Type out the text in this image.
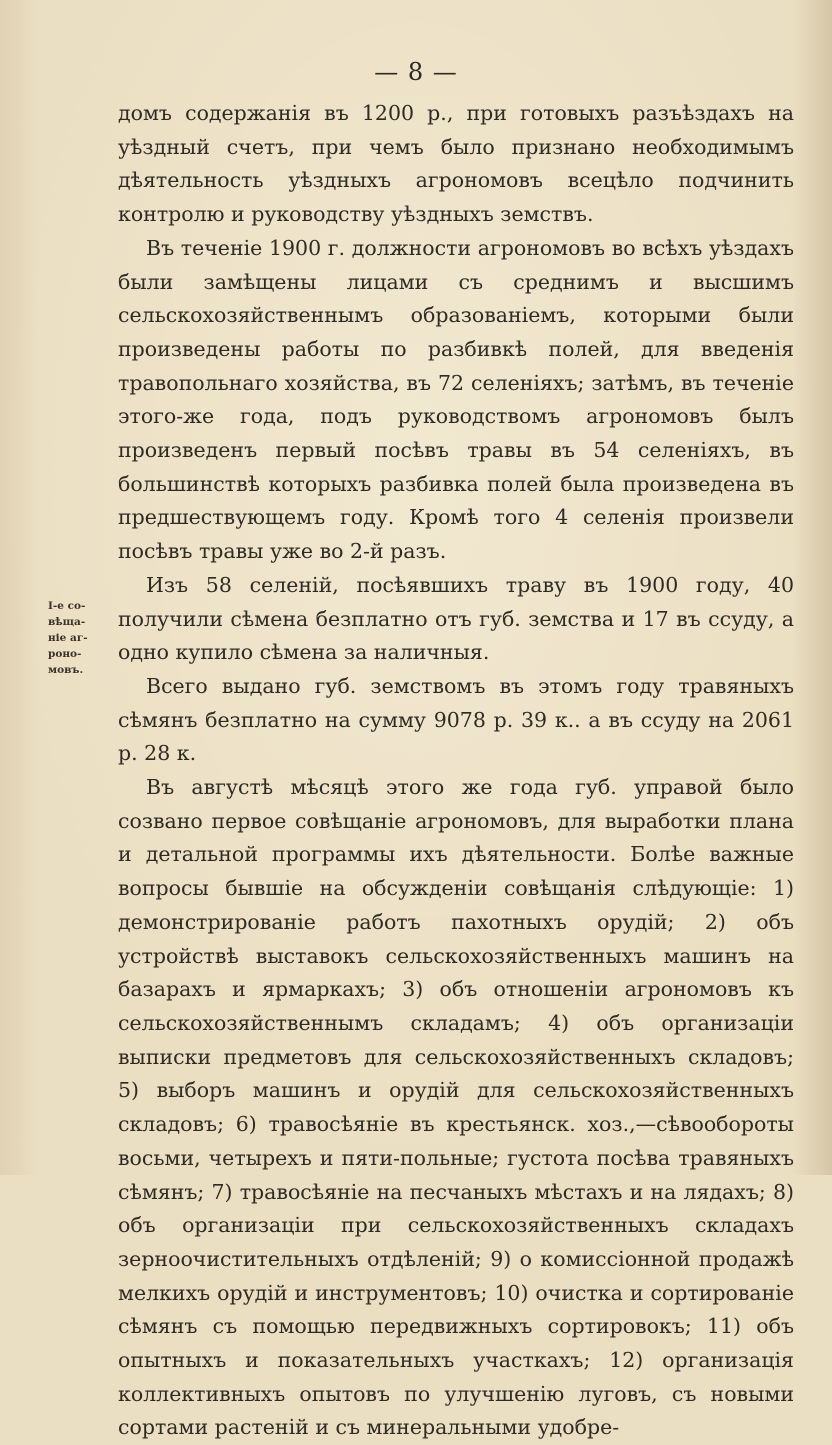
— 8 —
I-е со-
вѣща-
ніе аг-
роно-
мовъ.

домъ содержанія въ 1200 р., при готовыхъ разъѣздахъ на уѣздный счетъ, при чемъ было признано необходимымъ дѣятельность уѣздныхъ агрономовъ всецѣло подчинить контролю и руководству уѣздныхъ земствъ.

Въ теченіе 1900 г. должности агрономовъ во всѣхъ уѣздахъ были замѣщены лицами съ среднимъ и высшимъ сельскохозяйственнымъ образованіемъ, которыми были произведены работы по разбивкѣ полей, для введенія травопольнаго хозяйства, въ 72 селеніяхъ; затѣмъ, въ теченіе этого-же года, подъ руководствомъ агрономовъ былъ произведенъ первый посѣвъ травы въ 54 селеніяхъ, въ большинствѣ которыхъ разбивка полей была произведена въ предшествующемъ году. Кромѣ того 4 селенія произвели посѣвъ травы уже во 2-й разъ.

Изъ 58 селеній, посѣявшихъ траву въ 1900 году, 40 получили сѣмена безплатно отъ губ. земства и 17 въ ссуду, а одно купило сѣмена за наличныя.

Всего выдано губ. земствомъ въ этомъ году травяныхъ сѣмянъ безплатно на сумму 9078 р. 39 к.. а въ ссуду на 2061 р. 28 к.

Въ августѣ мѣсяцѣ этого же года губ. управой было созвано первое совѣщаніе агрономовъ, для выработки плана и детальной программы ихъ дѣятельности. Болѣе важные вопросы бывшіе на обсужденіи совѣщанія слѣдующіе: 1) демонстрированіе работъ пахотныхъ орудій; 2) объ устройствѣ выставокъ сельскохозяйственныхъ машинъ на базарахъ и ярмаркахъ; 3) объ отношеніи агрономовъ къ сельскохозяйственнымъ складамъ; 4) объ организаціи выписки предметовъ для сельскохозяйственныхъ складовъ; 5) выборъ машинъ и орудій для сельскохозяйственныхъ складовъ; 6) травосѣяніе въ крестьянск. хоз.,—сѣвообороты восьми, четырехъ и пяти-польные; густота посѣва травяныхъ сѣмянъ; 7) травосѣяніе на песчаныхъ мѣстахъ и на лядахъ; 8) объ организаціи при сельскохозяйственныхъ складахъ зерноочистительныхъ отдѣленій; 9) о комиссіонной продажѣ мелкихъ орудій и инструментовъ; 10) очистка и сортированіе сѣмянъ съ помощью передвижныхъ сортировокъ; 11) объ опытныхъ и показательныхъ участкахъ; 12) организація коллективныхъ опытовъ по улучшенію луговъ, съ новыми сортами растеній и съ минеральными удобре-
